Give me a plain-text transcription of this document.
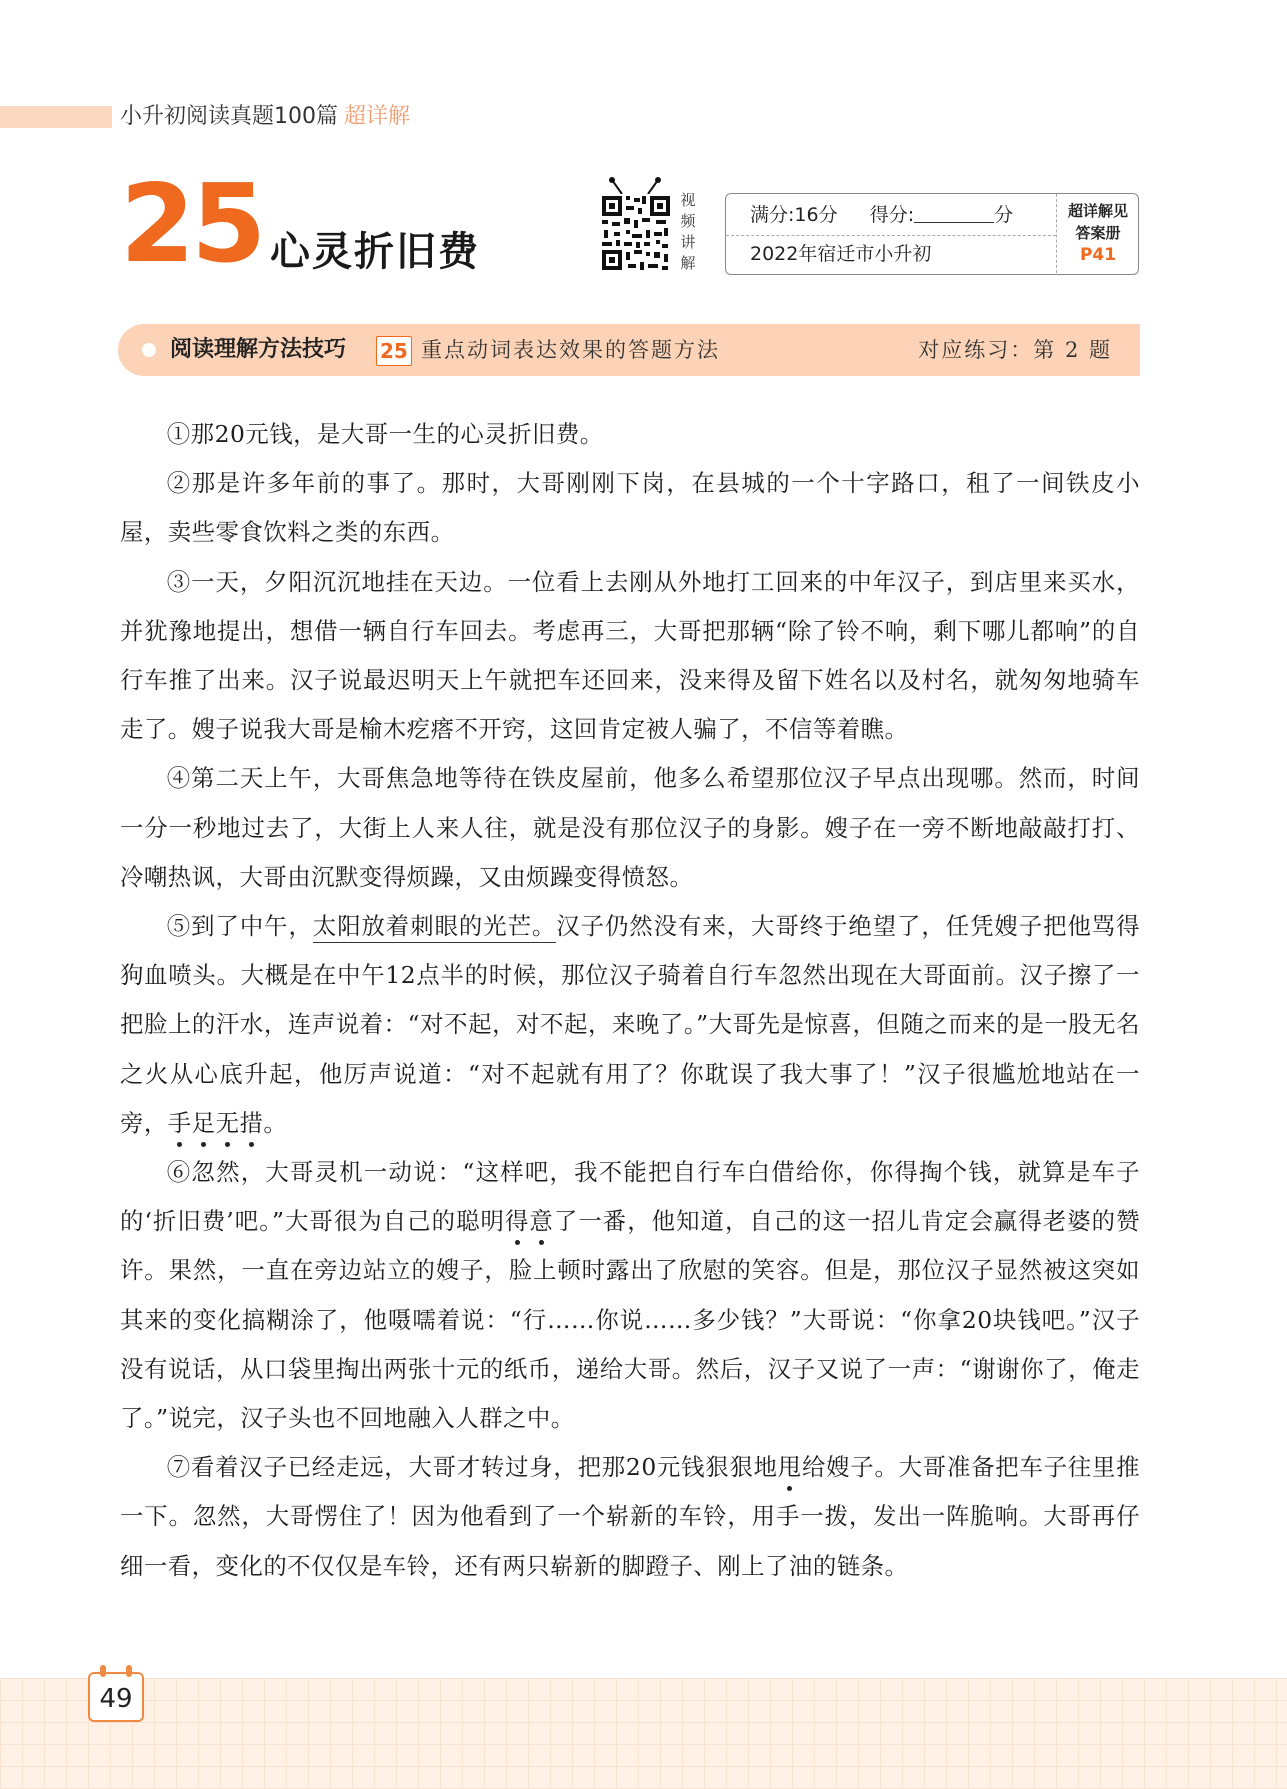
小升初阅读真题100篇 超详解
25 心灵折旧费
视
频
讲
解
满分:16分 得分:	分
2022年宿迁市小升初
超详解见
答案册
P41
阅读理解方法技巧 25 重点动词表达效果的答题方法	对应练习：第 2 题

①那20元钱，是大哥一生的心灵折旧费。

②那是许多年前的事了。那时，大哥刚刚下岗，在县城的一个十字路口，租了一间铁皮小屋，卖些零食饮料之类的东西。

③一天，夕阳沉沉地挂在天边。一位看上去刚从外地打工回来的中年汉子，到店里来买水，并犹豫地提出，想借一辆自行车回去。考虑再三，大哥把那辆“除了铃不响，剩下哪儿都响”的自行车推了出来。汉子说最迟明天上午就把车还回来，没来得及留下姓名以及村名，就匆匆地骑车走了。嫂子说我大哥是榆木疙瘩不开窍，这回肯定被人骗了，不信等着瞧。

④第二天上午，大哥焦急地等待在铁皮屋前，他多么希望那位汉子早点出现哪。然而，时间一分一秒地过去了，大街上人来人往，就是没有那位汉子的身影。嫂子在一旁不断地敲敲打打、冷嘲热讽，大哥由沉默变得烦躁，又由烦躁变得愤怒。

⑤到了中午，太阳放着刺眼的光芒。汉子仍然没有来，大哥终于绝望了，任凭嫂子把他骂得狗血喷头。大概是在中午12点半的时候，那位汉子骑着自行车忽然出现在大哥面前。汉子擦了一把脸上的汗水，连声说着：“对不起，对不起，来晚了。”大哥先是惊喜，但随之而来的是一股无名之火从心底升起，他厉声说道：“对不起就有用了？你耽误了我大事了！”汉子很尴尬地站在一旁，手足无措。

⑥忽然，大哥灵机一动说：“这样吧，我不能把自行车白借给你，你得掏个钱，就算是车子的‘折旧费’吧。”大哥很为自己的聪明得意了一番，他知道，自己的这一招儿肯定会赢得老婆的赞许。果然，一直在旁边站立的嫂子，脸上顿时露出了欣慰的笑容。但是，那位汉子显然被这突如其来的变化搞糊涂了，他嗫嚅着说：“行……你说……多少钱？”大哥说：“你拿20块钱吧。”汉子没有说话，从口袋里掏出两张十元的纸币，递给大哥。然后，汉子又说了一声：“谢谢你了，俺走了。”说完，汉子头也不回地融入人群之中。

⑦看着汉子已经走远，大哥才转过身，把那20元钱狠狠地甩给嫂子。大哥准备把车子往里推一下。忽然，大哥愣住了！因为他看到了一个崭新的车铃，用手一拨，发出一阵脆响。大哥再仔细一看，变化的不仅仅是车铃，还有两只崭新的脚蹬子、刚上了油的链条。

49
